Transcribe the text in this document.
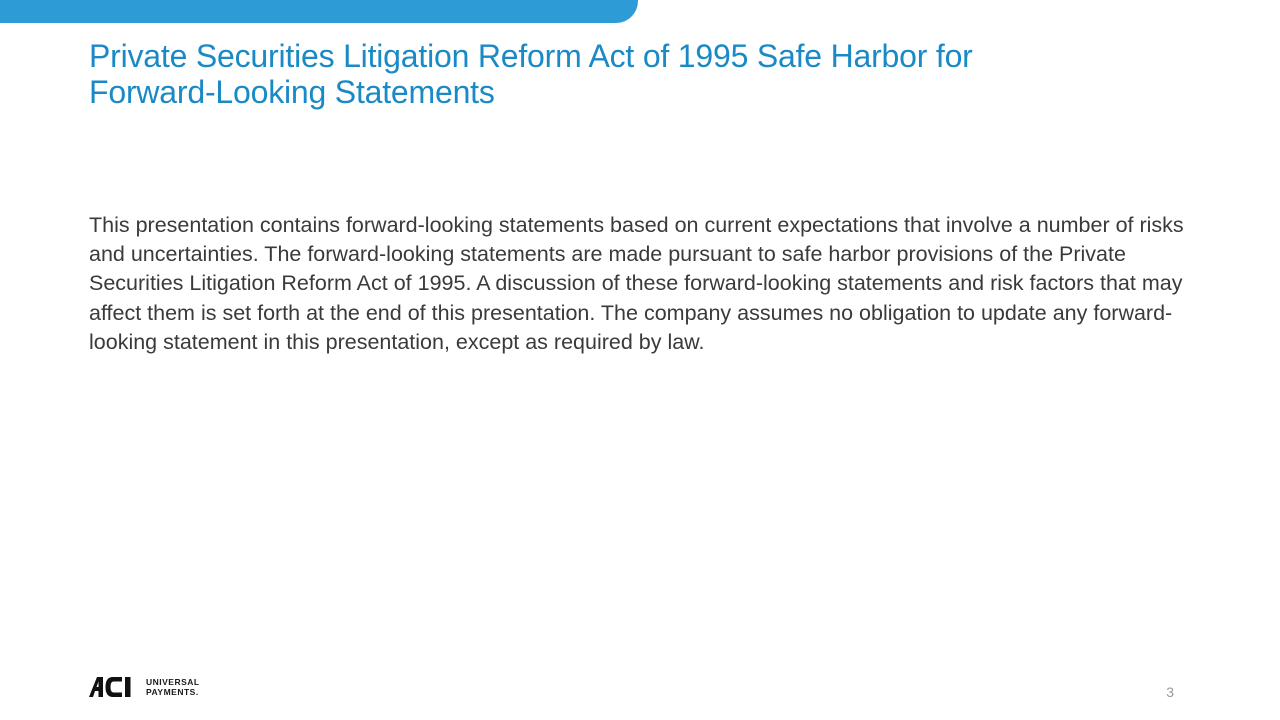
Private Securities Litigation Reform Act of 1995 Safe Harbor for
Forward-Looking Statements

This presentation contains forward-looking statements based on current expectations that involve a number of risks and uncertainties. The forward-looking statements are made pursuant to safe harbor provisions of the Private Securities Litigation Reform Act of 1995. A discussion of these forward-looking statements and risk factors that may affect them is set forth at the end of this presentation. The company assumes no obligation to update any forward-looking statement in this presentation, except as required by law.

UNIVERSAL
PAYMENTS.	3
